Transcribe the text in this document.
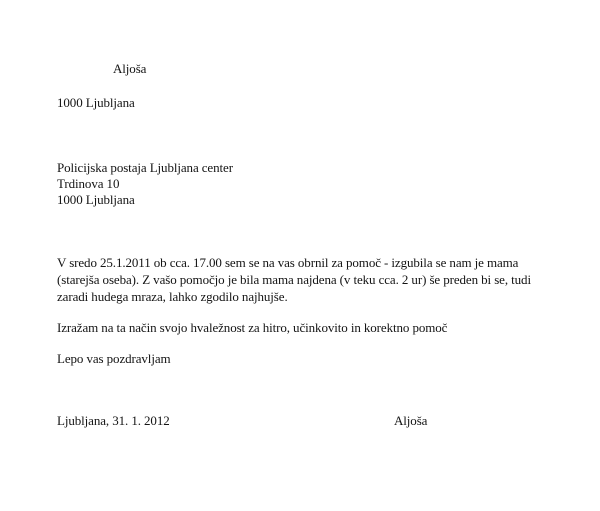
Aljoša
1000 Ljubljana
Policijska postaja Ljubljana center
Trdinova 10
1000 Ljubljana
V sredo 25.1.2011 ob cca. 17.00 sem se na vas obrnil za pomoč - izgubila se nam je mama
(starejša oseba). Z vašo pomočjo je bila mama najdena (v teku cca. 2 ur) še preden bi se, tudi
zaradi hudega mraza, lahko zgodilo najhujše.
Izražam na ta način svojo hvaležnost za hitro, učinkovito in korektno pomoč
Lepo vas pozdravljam
Ljubljana, 31. 1. 2012	Aljoša
